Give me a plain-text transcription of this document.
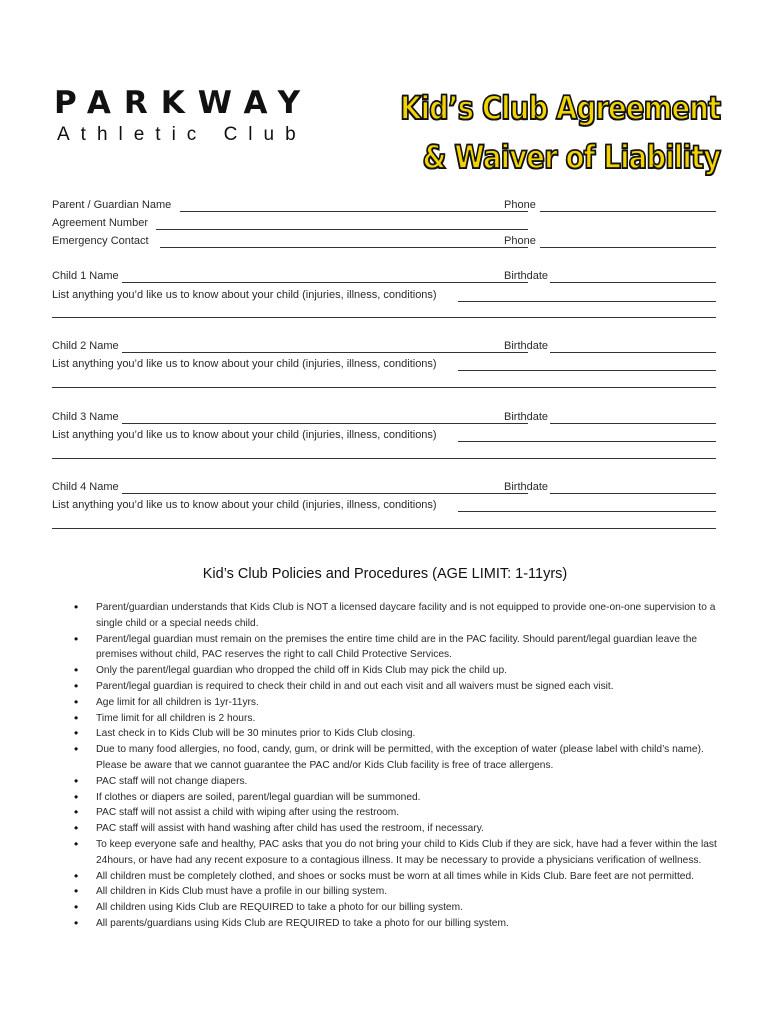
PARKWAY
Athletic Club
Kid’s Club Agreement
& Waiver of Liability
Parent / Guardian Name	Phone
Agreement Number
Emergency Contact	Phone
Child 1 Name	Birthdate
List anything you’d like us to know about your child (injuries, illness, conditions)
Child 2 Name	Birthdate
List anything you’d like us to know about your child (injuries, illness, conditions)
Child 3 Name	Birthdate
List anything you’d like us to know about your child (injuries, illness, conditions)
Child 4 Name	Birthdate
List anything you’d like us to know about your child (injuries, illness, conditions)
Kid’s Club Policies and Procedures (AGE LIMIT: 1-11yrs)
• Parent/guardian understands that Kids Club is NOT a licensed daycare facility and is not equipped to provide one-on-one supervision to a single child or a special needs child.
• Parent/legal guardian must remain on the premises the entire time child are in the PAC facility. Should parent/legal guardian leave the premises without child, PAC reserves the right to call Child Protective Services.
• Only the parent/legal guardian who dropped the child off in Kids Club may pick the child up.
• Parent/legal guardian is required to check their child in and out each visit and all waivers must be signed each visit.
• Age limit for all children is 1yr-11yrs.
• Time limit for all children is 2 hours.
• Last check in to Kids Club will be 30 minutes prior to Kids Club closing.
• Due to many food allergies, no food, candy, gum, or drink will be permitted, with the exception of water (please label with child’s name). Please be aware that we cannot guarantee the PAC and/or Kids Club facility is free of trace allergens.
• PAC staff will not change diapers.
• If clothes or diapers are soiled, parent/legal guardian will be summoned.
• PAC staff will not assist a child with wiping after using the restroom.
• PAC staff will assist with hand washing after child has used the restroom, if necessary.
• To keep everyone safe and healthy, PAC asks that you do not bring your child to Kids Club if they are sick, have had a fever within the last 24hours, or have had any recent exposure to a contagious illness. It may be necessary to provide a physicians verification of wellness.
• All children must be completely clothed, and shoes or socks must be worn at all times while in Kids Club. Bare feet are not permitted.
• All children in Kids Club must have a profile in our billing system.
• All children using Kids Club are REQUIRED to take a photo for our billing system.
• All parents/guardians using Kids Club are REQUIRED to take a photo for our billing system.
